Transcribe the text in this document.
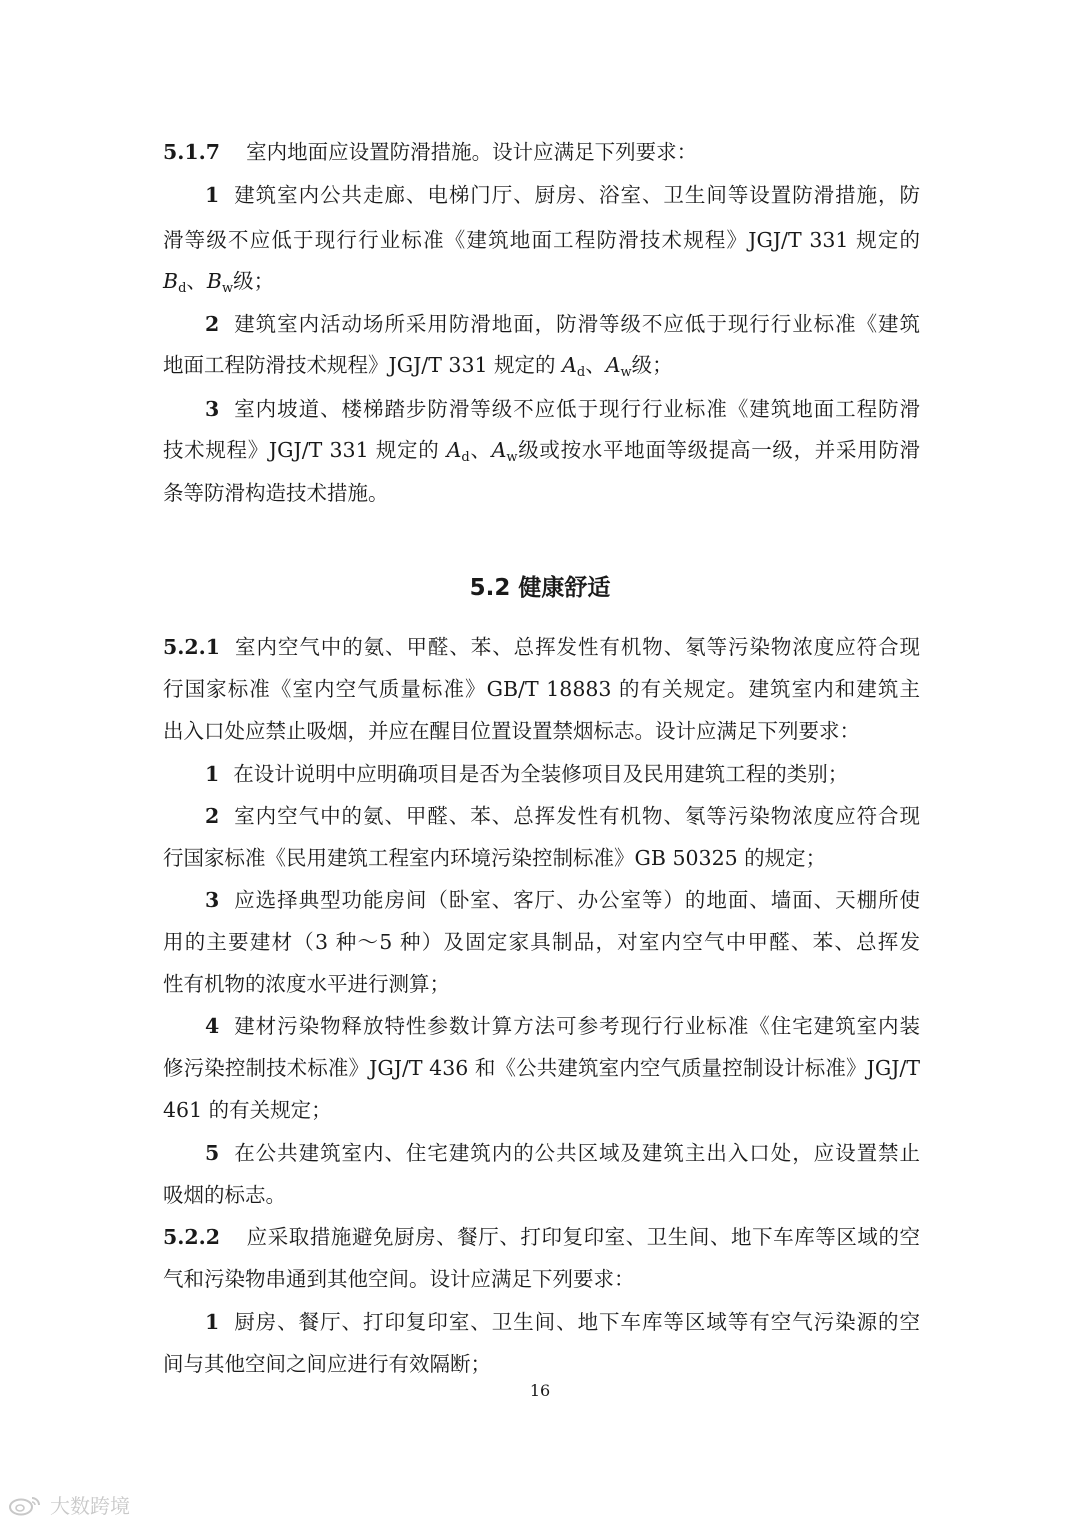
5.1.7 室内地面应设置防滑措施。设计应满足下列要求：
1 建筑室内公共走廊、电梯门厅、厨房、浴室、卫生间等设置防滑措施，防
滑等级不应低于现行行业标准《建筑地面工程防滑技术规程》JGJ/T 331 规定的
$B_d$、$B_w$级；
2 建筑室内活动场所采用防滑地面，防滑等级不应低于现行行业标准《建筑
地面工程防滑技术规程》JGJ/T 331 规定的 $A_d$、$A_w$级；
3 室内坡道、楼梯踏步防滑等级不应低于现行行业标准《建筑地面工程防滑
技术规程》JGJ/T 331 规定的 $A_d$、$A_w$级或按水平地面等级提高一级，并采用防滑
条等防滑构造技术措施。
5.2 健康舒适
5.2.1 室内空气中的氨、甲醛、苯、总挥发性有机物、氡等污染物浓度应符合现
行国家标准《室内空气质量标准》GB/T 18883 的有关规定。建筑室内和建筑主
出入口处应禁止吸烟，并应在醒目位置设置禁烟标志。设计应满足下列要求：
1 在设计说明中应明确项目是否为全装修项目及民用建筑工程的类别；
2 室内空气中的氨、甲醛、苯、总挥发性有机物、氡等污染物浓度应符合现
行国家标准《民用建筑工程室内环境污染控制标准》GB 50325 的规定；
3 应选择典型功能房间（卧室、客厅、办公室等）的地面、墙面、天棚所使
用的主要建材（3 种～5 种）及固定家具制品，对室内空气中甲醛、苯、总挥发
性有机物的浓度水平进行测算；
4 建材污染物释放特性参数计算方法可参考现行行业标准《住宅建筑室内装
修污染控制技术标准》JGJ/T 436 和《公共建筑室内空气质量控制设计标准》JGJ/T
461 的有关规定；
5 在公共建筑室内、住宅建筑内的公共区域及建筑主出入口处，应设置禁止
吸烟的标志。
5.2.2 应采取措施避免厨房、餐厅、打印复印室、卫生间、地下车库等区域的空
气和污染物串通到其他空间。设计应满足下列要求：
1 厨房、餐厅、打印复印室、卫生间、地下车库等区域等有空气污染源的空
间与其他空间之间应进行有效隔断；
16
大数跨境
